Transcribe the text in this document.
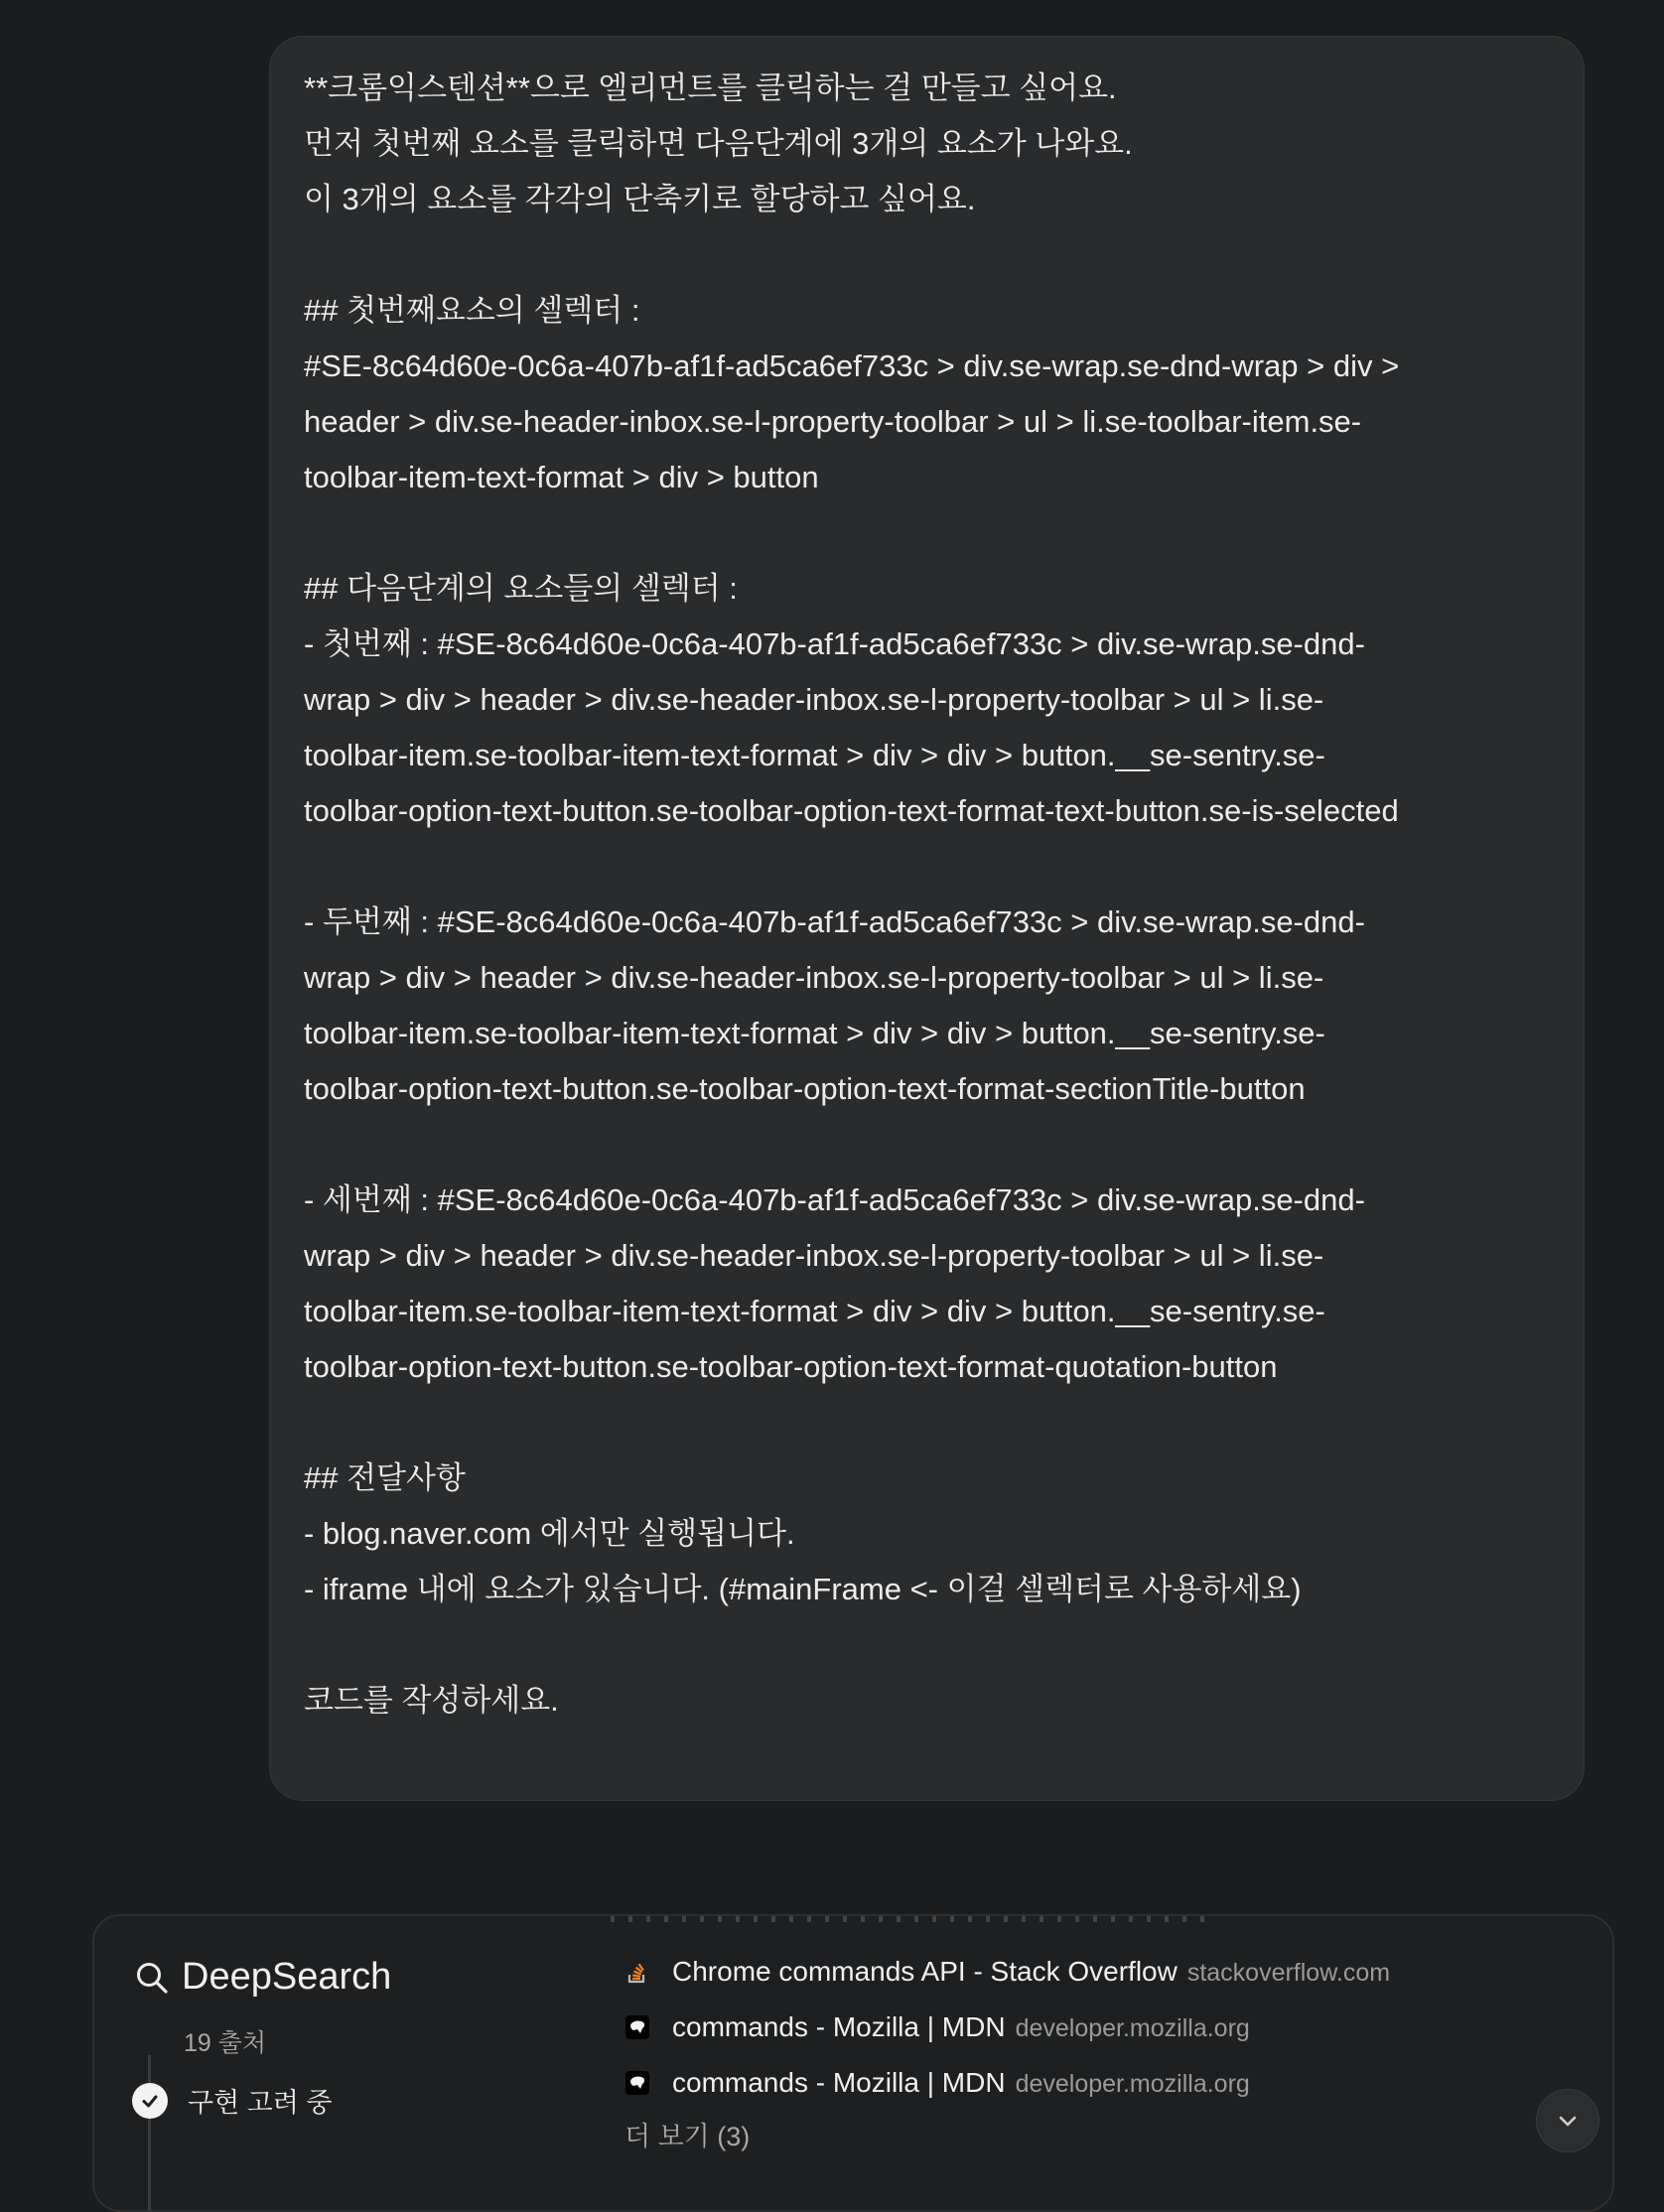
**크롬익스텐션**으로 엘리먼트를 클릭하는 걸 만들고 싶어요.
먼저 첫번째 요소를 클릭하면 다음단계에 3개의 요소가 나와요.
이 3개의 요소를 각각의 단축키로 할당하고 싶어요.
## 첫번째요소의 셀렉터 :
#SE-8c64d60e-0c6a-407b-af1f-ad5ca6ef733c > div.se-wrap.se-dnd-wrap > div >
header > div.se-header-inbox.se-l-property-toolbar > ul > li.se-toolbar-item.se-
toolbar-item-text-format > div > button
## 다음단계의 요소들의 셀렉터 :
- 첫번째 : #SE-8c64d60e-0c6a-407b-af1f-ad5ca6ef733c > div.se-wrap.se-dnd-
wrap > div > header > div.se-header-inbox.se-l-property-toolbar > ul > li.se-
toolbar-item.se-toolbar-item-text-format > div > div > button.__se-sentry.se-
toolbar-option-text-button.se-toolbar-option-text-format-text-button.se-is-selected
- 두번째 : #SE-8c64d60e-0c6a-407b-af1f-ad5ca6ef733c > div.se-wrap.se-dnd-
wrap > div > header > div.se-header-inbox.se-l-property-toolbar > ul > li.se-
toolbar-item.se-toolbar-item-text-format > div > div > button.__se-sentry.se-
toolbar-option-text-button.se-toolbar-option-text-format-sectionTitle-button
- 세번째 : #SE-8c64d60e-0c6a-407b-af1f-ad5ca6ef733c > div.se-wrap.se-dnd-
wrap > div > header > div.se-header-inbox.se-l-property-toolbar > ul > li.se-
toolbar-item.se-toolbar-item-text-format > div > div > button.__se-sentry.se-
toolbar-option-text-button.se-toolbar-option-text-format-quotation-button
## 전달사항
- blog.naver.com 에서만 실행됩니다.
- iframe 내에 요소가 있습니다. (#mainFrame <- 이걸 셀렉터로 사용하세요)
코드를 작성하세요.
DeepSearch
19 출처
구현 고려 중
Chrome commands API - Stack Overflow stackoverflow.com
commands - Mozilla | MDN developer.mozilla.org
commands - Mozilla | MDN developer.mozilla.org
더 보기 (3)
